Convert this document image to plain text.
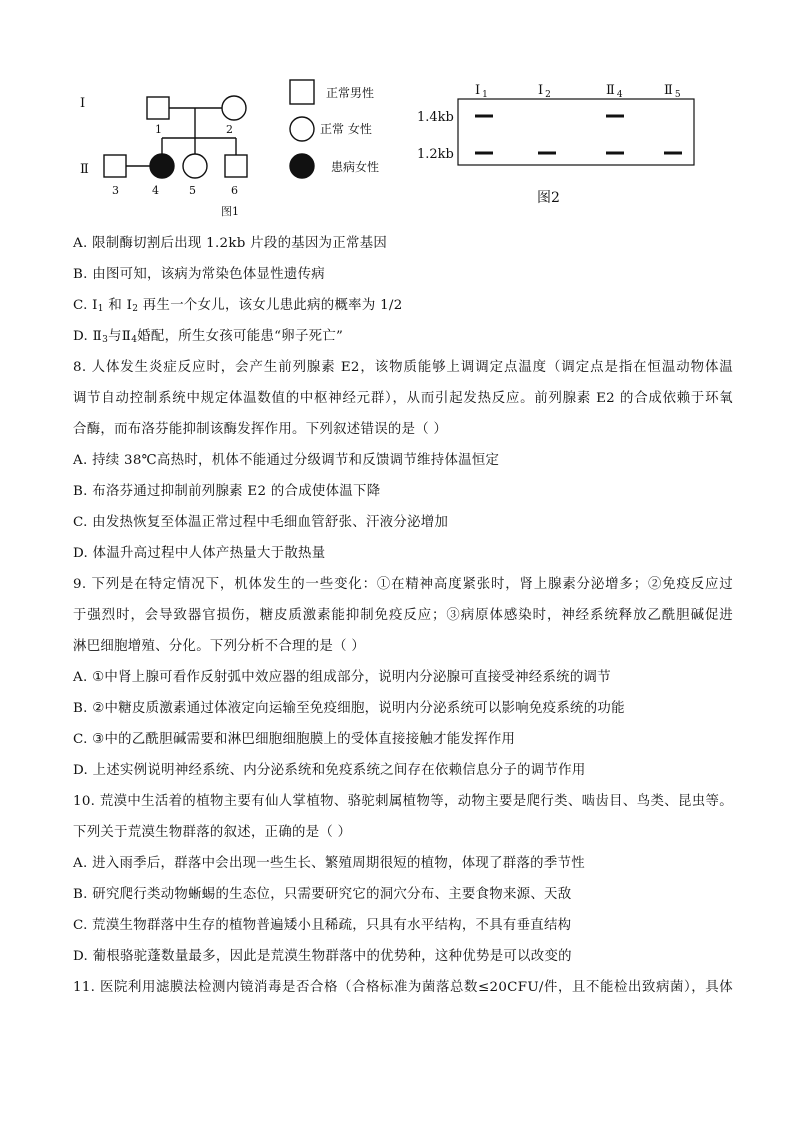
Ⅰ
Ⅱ
1	2
3	4	5	6
正常男性
正常 女性
患病女性
图1
Ⅰ $_1$	Ⅰ $_2$	Ⅱ $_4$	Ⅱ $_5$
1.4kb
1.2kb
图2
A. 限制酶切割后出现 1.2kb 片段的基因为正常基因
B. 由图可知，该病为常染色体显性遗传病
C. $I_1$ 和 $I_2$ 再生一个女儿，该女儿患此病的概率为 1/2
D. $Ⅱ_3$与$Ⅱ_4$婚配，所生女孩可能患“卵子死亡”
8. 人体发生炎症反应时，会产生前列腺素 E2，该物质能够上调调定点温度（调定点是指在恒温动物体温
调节自动控制系统中规定体温数值的中枢神经元群），从而引起发热反应。前列腺素 E2 的合成依赖于环氧
合酶，而布洛芬能抑制该酶发挥作用。下列叙述错误的是（ ）
A. 持续 38℃高热时，机体不能通过分级调节和反馈调节维持体温恒定
B. 布洛芬通过抑制前列腺素 E2 的合成使体温下降
C. 由发热恢复至体温正常过程中毛细血管舒张、汗液分泌增加
D. 体温升高过程中人体产热量大于散热量
9. 下列是在特定情况下，机体发生的一些变化：①在精神高度紧张时，肾上腺素分泌增多；②免疫反应过
于强烈时，会导致器官损伤，糖皮质激素能抑制免疫反应；③病原体感染时，神经系统释放乙酰胆碱促进
淋巴细胞增殖、分化。下列分析不合理的是（ ）
A. ①中肾上腺可看作反射弧中效应器的组成部分，说明内分泌腺可直接受神经系统的调节
B. ②中糖皮质激素通过体液定向运输至免疫细胞，说明内分泌系统可以影响免疫系统的功能
C. ③中的乙酰胆碱需要和淋巴细胞细胞膜上的受体直接接触才能发挥作用
D. 上述实例说明神经系统、内分泌系统和免疫系统之间存在依赖信息分子的调节作用
10. 荒漠中生活着的植物主要有仙人掌植物、骆驼刺属植物等，动物主要是爬行类、啮齿目、鸟类、昆虫等。
下列关于荒漠生物群落的叙述，正确的是（ ）
A. 进入雨季后，群落中会出现一些生长、繁殖周期很短的植物，体现了群落的季节性
B. 研究爬行类动物蜥蜴的生态位，只需要研究它的洞穴分布、主要食物来源、天敌
C. 荒漠生物群落中生存的植物普遍矮小且稀疏，只具有水平结构，不具有垂直结构
D. 葡根骆驼蓬数量最多，因此是荒漠生物群落中的优势种，这种优势是可以改变的
11. 医院利用滤膜法检测内镜消毒是否合格（合格标准为菌落总数≤20CFU/件，且不能检出致病菌），具体
